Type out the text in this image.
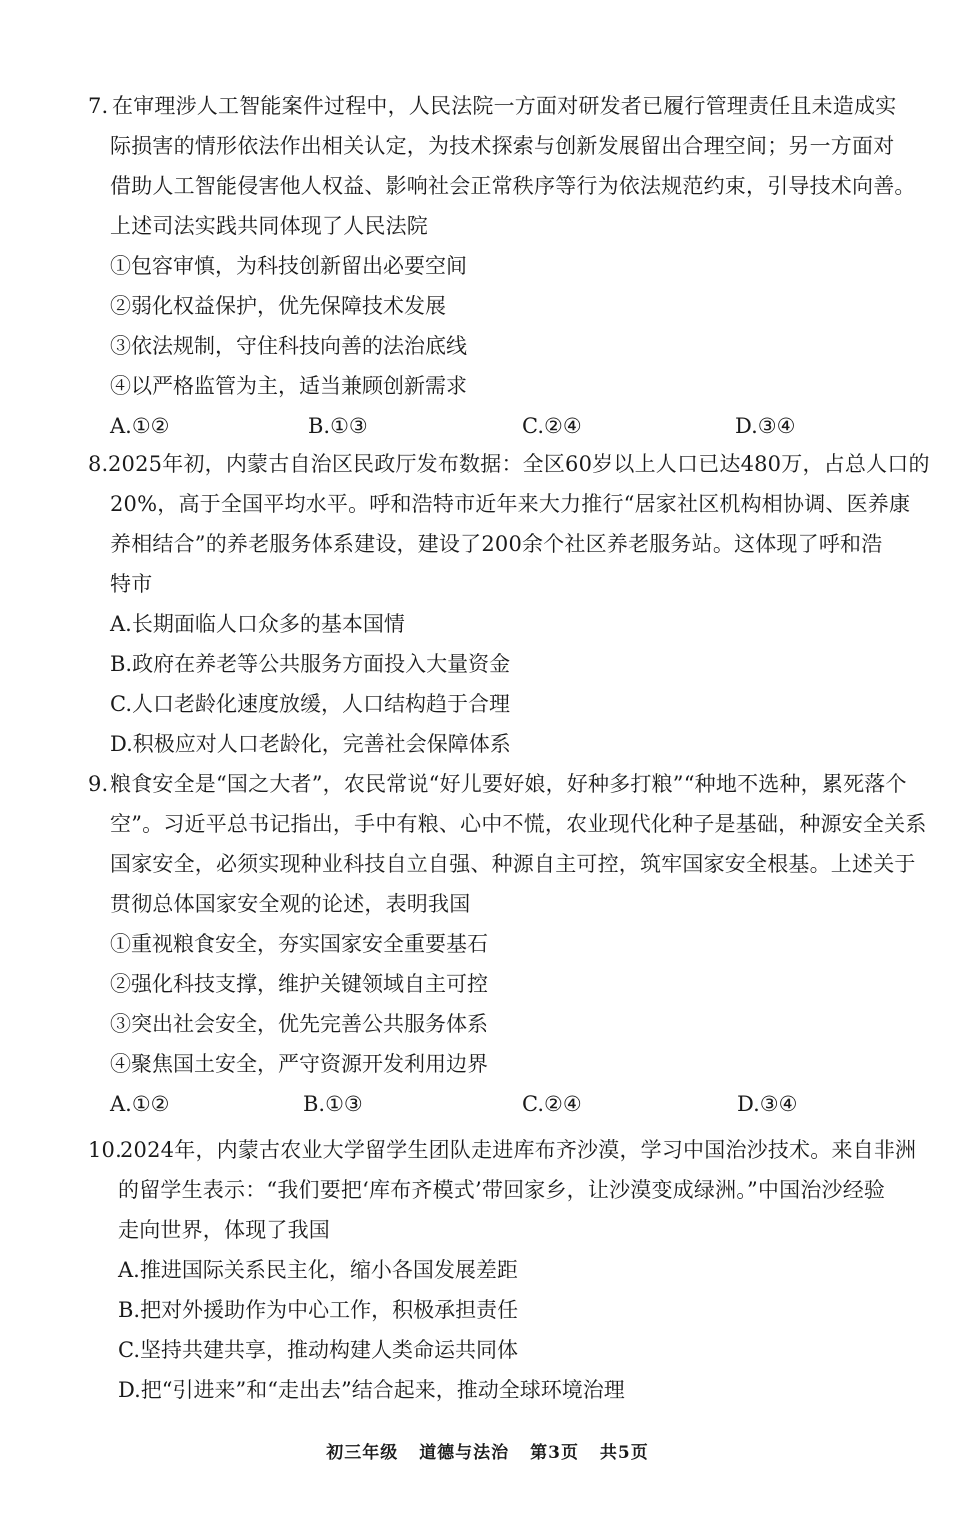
7. 在审理涉人工智能案件过程中，人民法院一方面对研发者已履行管理责任且未造成实
际损害的情形依法作出相关认定，为技术探索与创新发展留出合理空间；另一方面对
借助人工智能侵害他人权益、影响社会正常秩序等行为依法规范约束，引导技术向善。
上述司法实践共同体现了人民法院
①包容审慎，为科技创新留出必要空间
②弱化权益保护，优先保障技术发展
③依法规制，守住科技向善的法治底线
④以严格监管为主，适当兼顾创新需求
A.①②	B.①③	C.②④	D.③④
8. 2025年初，内蒙古自治区民政厅发布数据：全区60岁以上人口已达480万，占总人口的
20%，高于全国平均水平。呼和浩特市近年来大力推行“居家社区机构相协调、医养康
养相结合”的养老服务体系建设，建设了200余个社区养老服务站。这体现了呼和浩
特市
A.长期面临人口众多的基本国情
B.政府在养老等公共服务方面投入大量资金
C.人口老龄化速度放缓，人口结构趋于合理
D.积极应对人口老龄化，完善社会保障体系
9. 粮食安全是“国之大者”，农民常说“好儿要好娘，好种多打粮”“种地不选种，累死落个
空”。习近平总书记指出，手中有粮、心中不慌，农业现代化种子是基础，种源安全关系
国家安全，必须实现种业科技自立自强、种源自主可控，筑牢国家安全根基。上述关于
贯彻总体国家安全观的论述，表明我国
①重视粮食安全，夯实国家安全重要基石
②强化科技支撑，维护关键领域自主可控
③突出社会安全，优先完善公共服务体系
④聚焦国土安全，严守资源开发利用边界
A.①②	B.①③	C.②④	D.③④
10.
2024年，内蒙古农业大学留学生团队走进库布齐沙漠，学习中国治沙技术。来自非洲
的留学生表示：“我们要把‘库布齐模式’带回家乡，让沙漠变成绿洲。”中国治沙经验
走向世界，体现了我国
A.推进国际关系民主化，缩小各国发展差距
B.把对外援助作为中心工作，积极承担责任
C.坚持共建共享，推动构建人类命运共同体
D.把“引进来”和“走出去”结合起来，推动全球环境治理
初三年级 道德与法治 第3页 共5页
